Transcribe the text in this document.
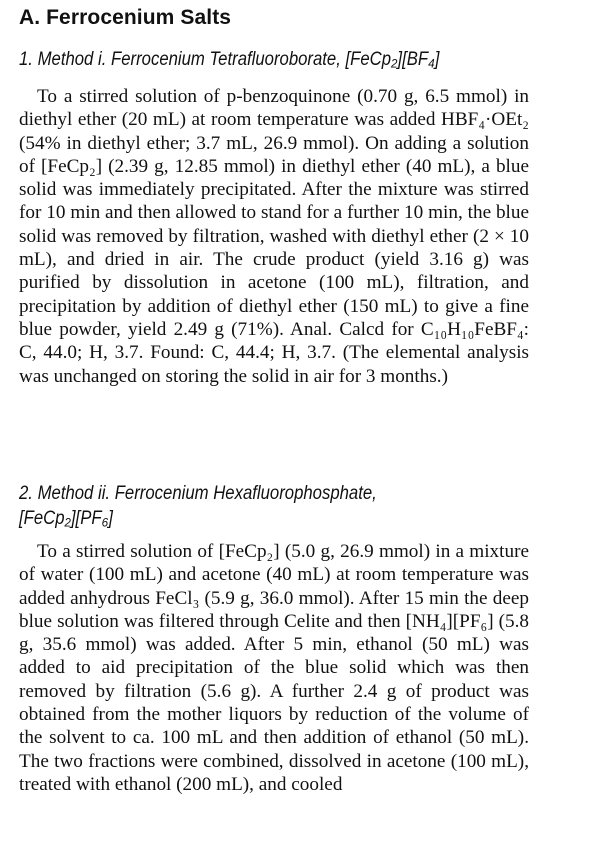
A. Ferrocenium Salts
1. Method i. Ferrocenium Tetrafluoroborate, [FeCp₂][BF₄]

To a stirred solution of p-benzoquinone (0.70 g, 6.5 mmol) in diethyl ether (20 mL) at room temperature was added HBF₄·OEt₂ (54% in diethyl ether; 3.7 mL, 26.9 mmol). On adding a solution of [FeCp₂] (2.39 g, 12.85 mmol) in diethyl ether (40 mL), a blue solid was immediately precipitated. After the mixture was stirred for 10 min and then allowed to stand for a further 10 min, the blue solid was removed by filtration, washed with diethyl ether (2 × 10 mL), and dried in air. The crude product (yield 3.16 g) was purified by dissolution in acetone (100 mL), filtration, and precipitation by addition of diethyl ether (150 mL) to give a fine blue powder, yield 2.49 g (71%). Anal. Calcd for C₁₀H₁₀FeBF₄: C, 44.0; H, 3.7. Found: C, 44.4; H, 3.7. (The elemental analysis was unchanged on storing the solid in air for 3 months.)

2. Method ii. Ferrocenium Hexafluorophosphate,
[FeCp₂][PF₆]

To a stirred solution of [FeCp₂] (5.0 g, 26.9 mmol) in a mixture of water (100 mL) and acetone (40 mL) at room temperature was added anhydrous FeCl₃ (5.9 g, 36.0 mmol). After 15 min the deep blue solution was filtered through Celite and then [NH₄][PF₆] (5.8 g, 35.6 mmol) was added. After 5 min, ethanol (50 mL) was added to aid precipitation of the blue solid which was then removed by filtration (5.6 g). A further 2.4 g of product was obtained from the mother liquors by reduction of the volume of the solvent to ca. 100 mL and then addition of ethanol (50 mL). The two fractions were combined, dissolved in acetone (100 mL), treated with ethanol (200 mL), and cooled
